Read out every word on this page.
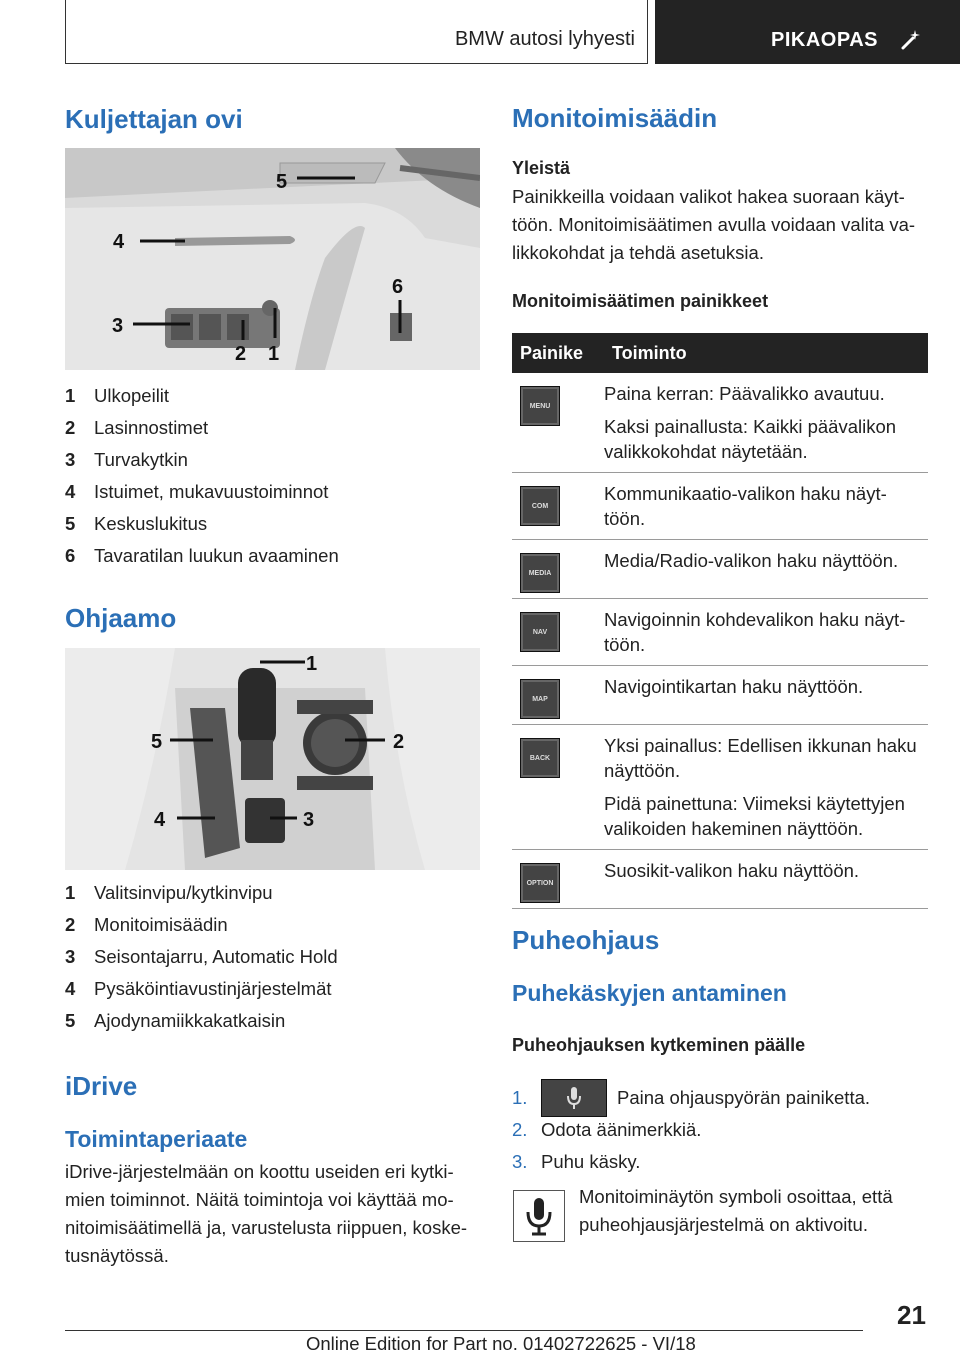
BMW autosi lyhyesti	PIKAOPAS
Kuljettajan ovi
5
4
6
3
2 1
1	Ulkopeilit
2	Lasinnostimet
3	Turvakytkin
4	Istuimet, mukavuustoiminnot
5	Keskuslukitus
6	Tavaratilan luukun avaaminen
Ohjaamo
1
5	2
4	3
1	Valitsinvipu/kytkinvipu
2	Monitoimisäädin
3	Seisontajarru, Automatic Hold
4	Pysäköintiavustinjärjestelmät
5	Ajodynamiikkakatkaisin
iDrive
Toimintaperiaate

iDrive-järjestelmään on koottu useiden eri kytki-
mien toiminnot. Näitä toimintoja voi käyttää mo-
nitoimisäätimellä ja, varustelusta riippuen, koske-
tusnäytössä.

Monitoimisäädin
Yleistä

Painikkeilla voidaan valikot hakea suoraan käyt-
töön. Monitoimisäätimen avulla voidaan valita va-
likkokohdat ja tehdä asetuksia.

Monitoimisäätimen painikkeet
Painike	Toiminto

MENU	Paina kerran: Päävalikko avautuu.

Kaksi painallusta: Kaikki päävalikon valikkokohdat näytetään.

COM	Kommunikaatio-valikon haku näyt-
töön.

MEDIA	Media/Radio-valikon haku näyttöön.

NAV	Navigoinnin kohdevalikon haku näyt-
töön.

MAP	Navigointikartan haku näyttöön.

BACK	Yksi painallus: Edellisen ikkunan haku näyttöön.

Pidä painettuna: Viimeksi käytettyjen valikoiden hakeminen näyttöön.

OPTION	Suosikit-valikon haku näyttöön.

Puheohjaus
Puhekäskyjen antaminen
Puheohjauksen kytkeminen päälle
1.	Paina ohjauspyörän painiketta.
2. Odota äänimerkkiä.
3. Puhu käsky.

Monitoiminäytön symboli osoittaa, että
puheohjausjärjestelmä on aktivoitu.

21
Online Edition for Part no. 01402722625 - VI/18
